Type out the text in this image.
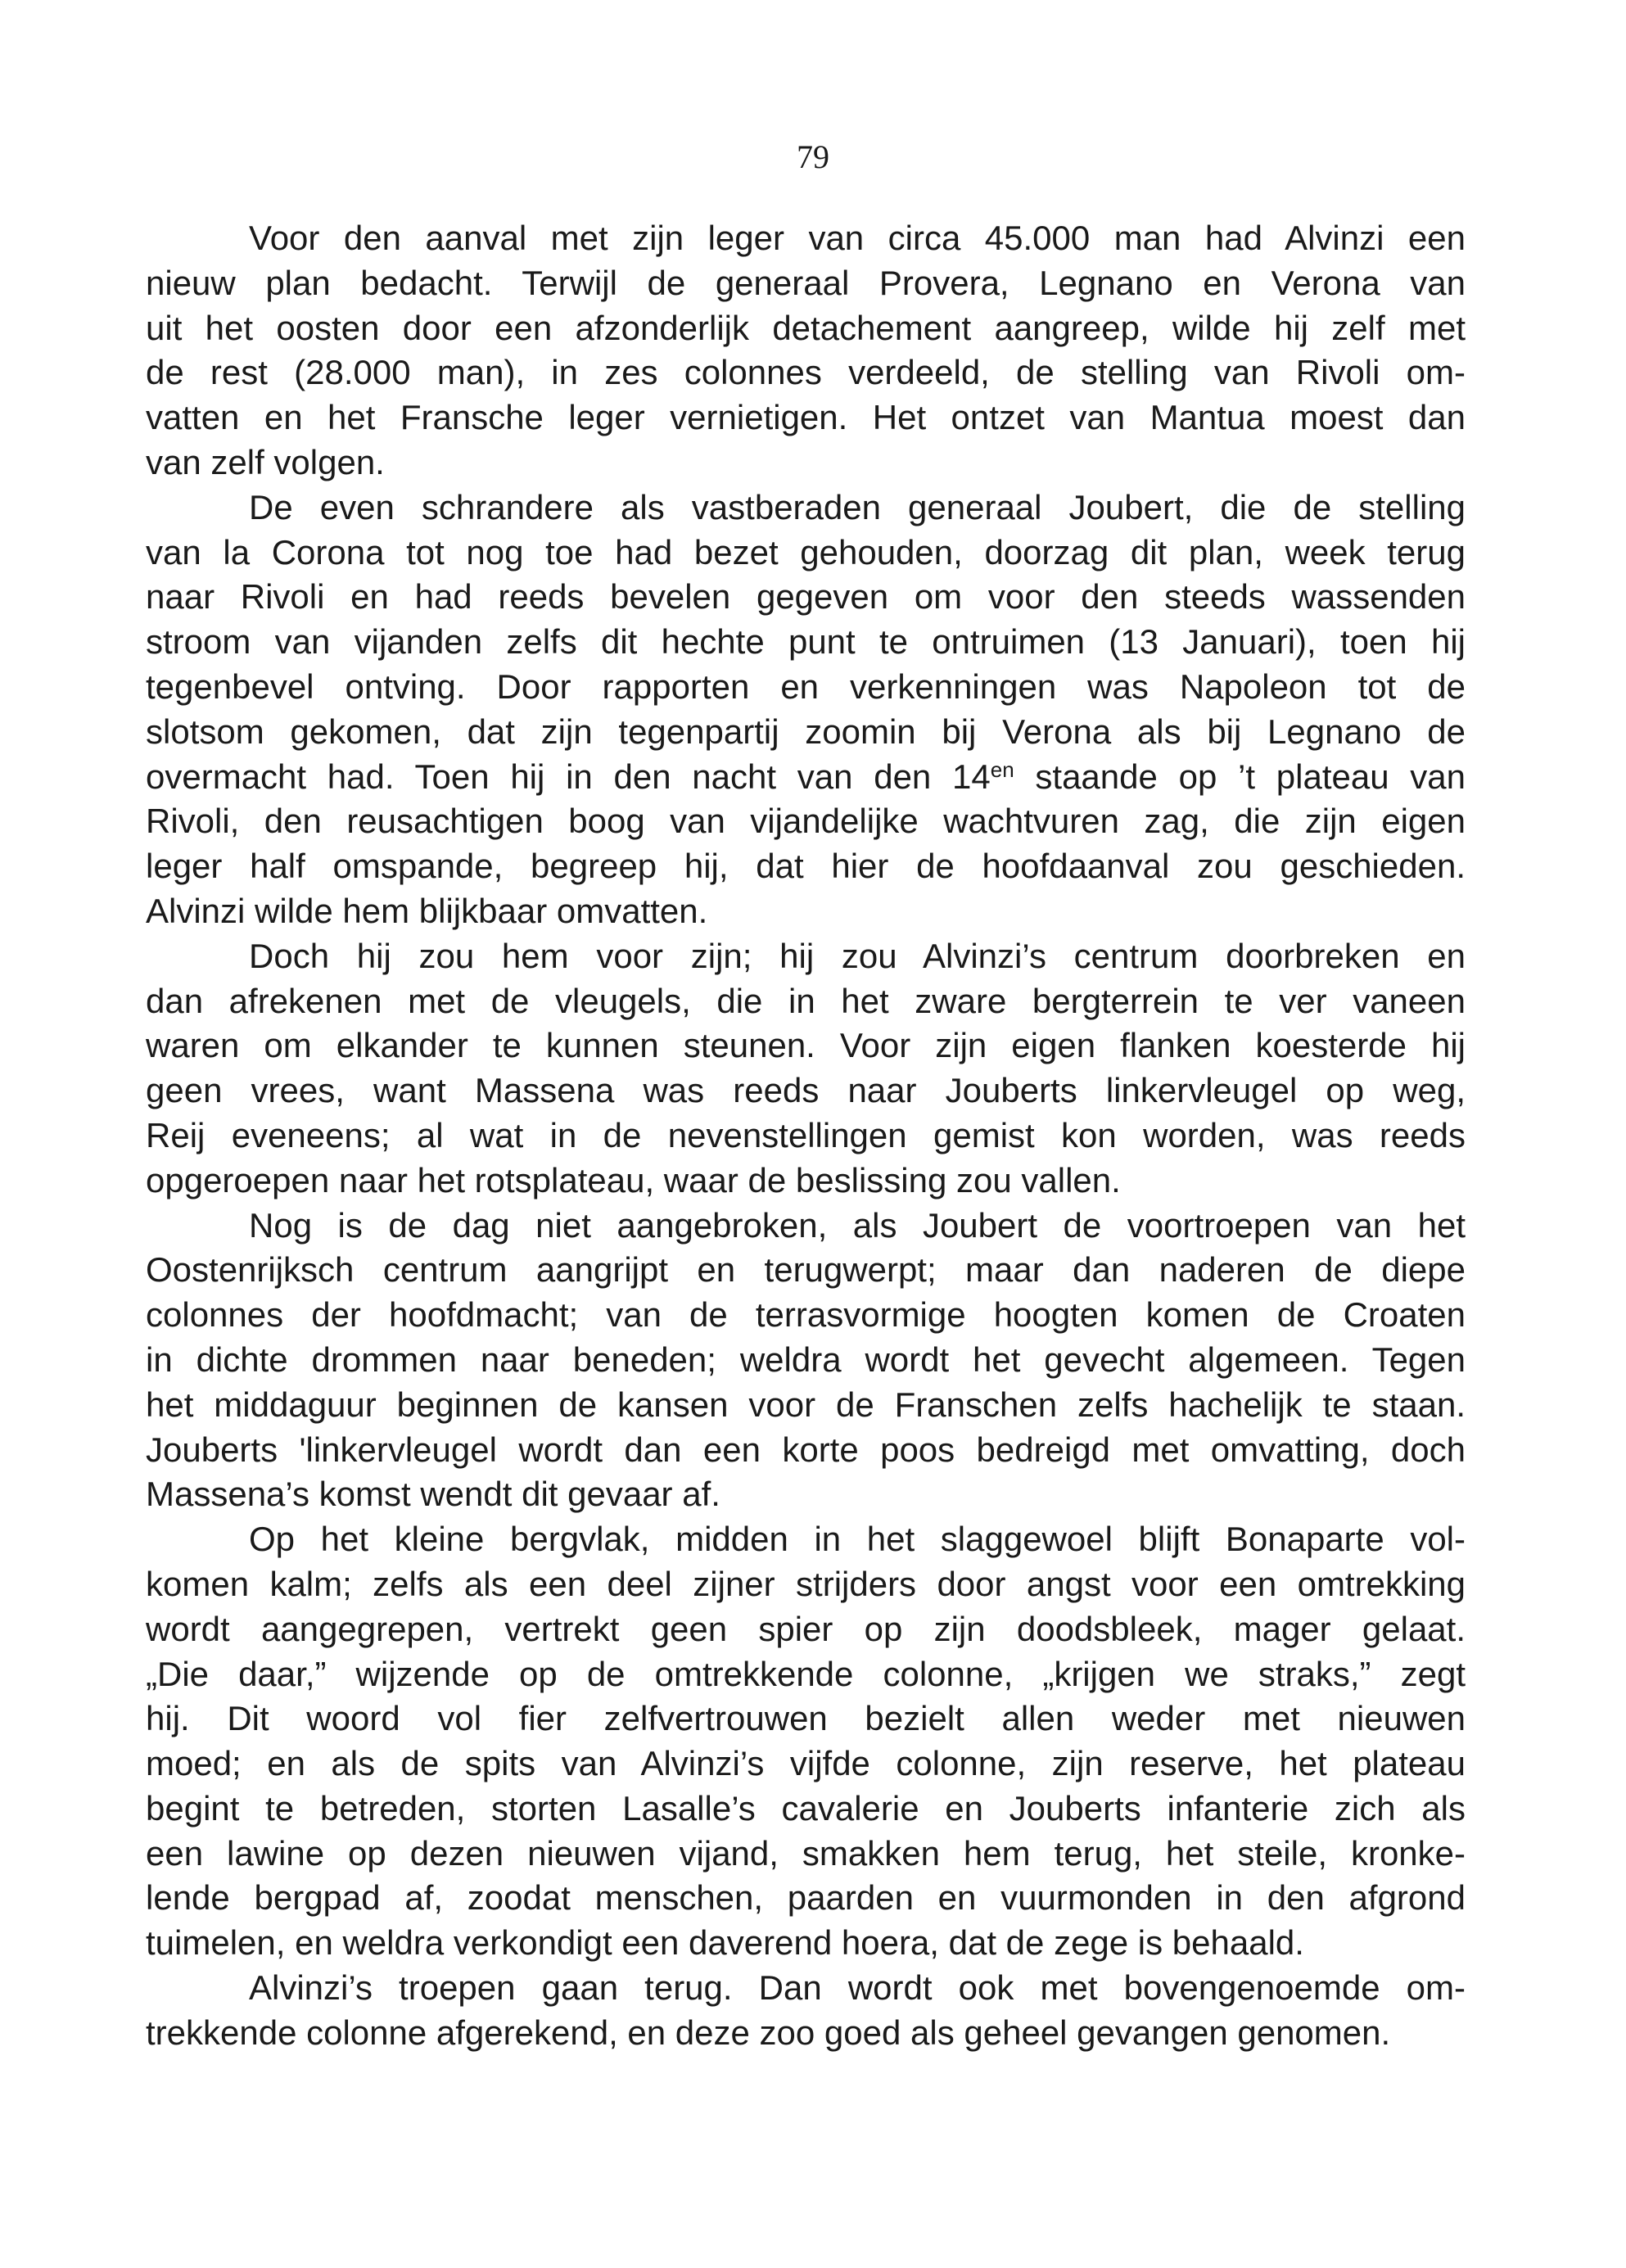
79
Voor den aanval met zijn leger van circa 45.000 man had Alvinzi een
nieuw plan bedacht. Terwijl de generaal Provera, Legnano en Verona van
uit het oosten door een afzonderlijk detachement aangreep, wilde hij zelf met
de rest (28.000 man), in zes colonnes verdeeld, de stelling van Rivoli om-
vatten en het Fransche leger vernietigen. Het ontzet van Mantua moest dan
van zelf volgen.
De even schrandere als vastberaden generaal Joubert, die de stelling
van la Corona tot nog toe had bezet gehouden, doorzag dit plan, week terug
naar Rivoli en had reeds bevelen gegeven om voor den steeds wassenden
stroom van vijanden zelfs dit hechte punt te ontruimen (13 Januari), toen hij
tegenbevel ontving. Door rapporten en verkenningen was Napoleon tot de
slotsom gekomen, dat zijn tegenpartij zoomin bij Verona als bij Legnano de
overmacht had. Toen hij in den nacht van den $14^{en}$ staande op ’t plateau van
Rivoli, den reusachtigen boog van vijandelijke wachtvuren zag, die zijn eigen
leger half omspande, begreep hij, dat hier de hoofdaanval zou geschieden.
Alvinzi wilde hem blijkbaar omvatten.
Doch hij zou hem voor zijn; hij zou Alvinzi’s centrum doorbreken en
dan afrekenen met de vleugels, die in het zware bergterrein te ver vaneen
waren om elkander te kunnen steunen. Voor zijn eigen flanken koesterde hij
geen vrees, want Massena was reeds naar Jouberts linkervleugel op weg,
Reij eveneens; al wat in de nevenstellingen gemist kon worden, was reeds
opgeroepen naar het rotsplateau, waar de beslissing zou vallen.
Nog is de dag niet aangebroken, als Joubert de voortroepen van het
Oostenrijksch centrum aangrijpt en terugwerpt; maar dan naderen de diepe
colonnes der hoofdmacht; van de terrasvormige hoogten komen de Croaten
in dichte drommen naar beneden; weldra wordt het gevecht algemeen. Tegen
het middaguur beginnen de kansen voor de Franschen zelfs hachelijk te staan.
Jouberts 'linkervleugel wordt dan een korte poos bedreigd met omvatting, doch
Massena’s komst wendt dit gevaar af.
Op het kleine bergvlak, midden in het slaggewoel blijft Bonaparte vol-
komen kalm; zelfs als een deel zijner strijders door angst voor een omtrekking
wordt aangegrepen, vertrekt geen spier op zijn doodsbleek, mager gelaat.
„Die daar,” wijzende op de omtrekkende colonne, „krijgen we straks,” zegt
hij. Dit woord vol fier zelfvertrouwen bezielt allen weder met nieuwen
moed; en als de spits van Alvinzi’s vijfde colonne, zijn reserve, het plateau
begint te betreden, storten Lasalle’s cavalerie en Jouberts infanterie zich als
een lawine op dezen nieuwen vijand, smakken hem terug, het steile, kronke-
lende bergpad af, zoodat menschen, paarden en vuurmonden in den afgrond
tuimelen, en weldra verkondigt een daverend hoera, dat de zege is behaald.
Alvinzi’s troepen gaan terug. Dan wordt ook met bovengenoemde om-
trekkende colonne afgerekend, en deze zoo goed als geheel gevangen genomen.
